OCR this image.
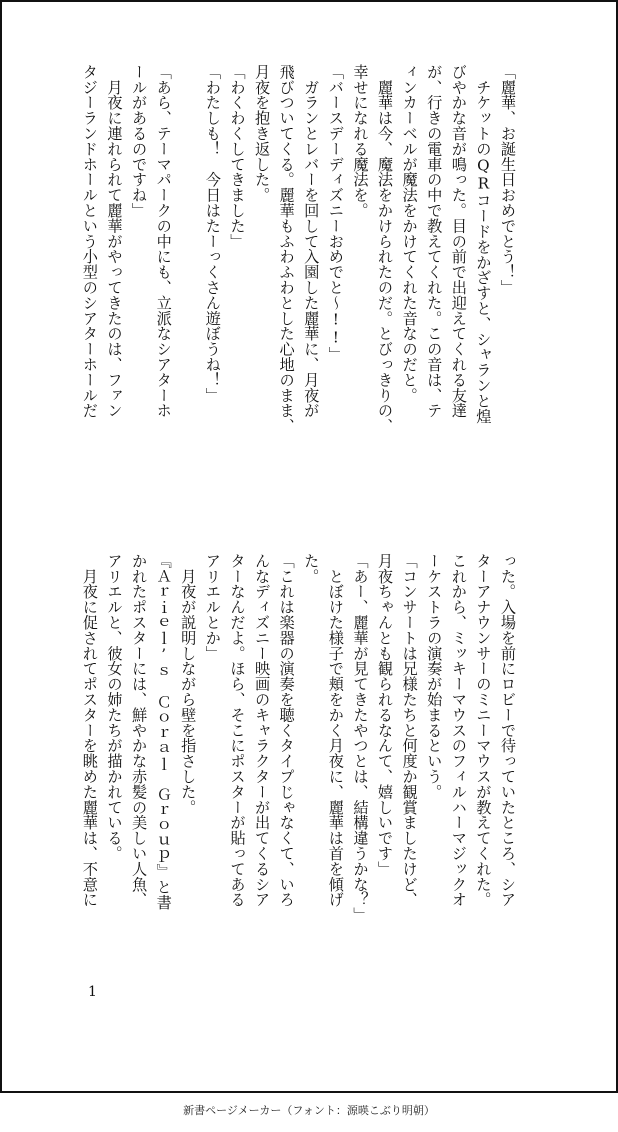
「麗華、お誕生日おめでとう！」
　チケットのQRコードをかざすと、シャランと煌
びやかな音が鳴った。目の前で出迎えてくれる友達
が、行きの電車の中で教えてくれた。この音は、テ
ィンカーベルが魔法をかけてくれた音なのだと。
　麗華は今、魔法をかけられたのだ。とびっきりの、
幸せになれる魔法を。
「バースデーディズニーおめでと〜!!」
　ガランとレバーを回して入園した麗華に、月夜が
飛びついてくる。麗華もふわふわとした心地のまま、
月夜を抱き返した。
「わくわくしてきました」
「わたしも！　今日はたーっくさん遊ぼうね！」

「あら、テーマパークの中にも、立派なシアターホ
ールがあるのですね」
　月夜に連れられて麗華がやってきたのは、ファン
タジーランドホールという小型のシアターホールだ
った。入場を前にロビーで待っていたところ、シア
ターアナウンサーのミニーマウスが教えてくれた。
これから、ミッキーマウスのフィルハーマジックオ
ーケストラの演奏が始まるという。
「コンサートは兄様たちと何度か観賞ましたけど、
月夜ちゃんとも観られるなんて、嬉しいです」
「あー、麗華が見てきたやつとは、結構違うかな？」
　とぼけた様子で頬をかく月夜に、麗華は首を傾げ
た。
「これは楽器の演奏を聴くタイプじゃなくて、いろ
んなディズニー映画のキャラクターが出てくるシア
ターなんだよ。ほら、そこにポスターが貼ってある
アリエルとか」
　月夜が説明しながら壁を指さした。
『Ａｒｉｅｌ’ｓ　Ｃｏｒａｌ　Ｇｒｏｕｐ』と書
かれたポスターには、鮮やかな赤髪の美しい人魚、
アリエルと、彼女の姉たちが描かれている。
　月夜に促されてポスターを眺めた麗華は、不意に
1
新書ページメーカー（フォント：源暎こぶり明朝）
